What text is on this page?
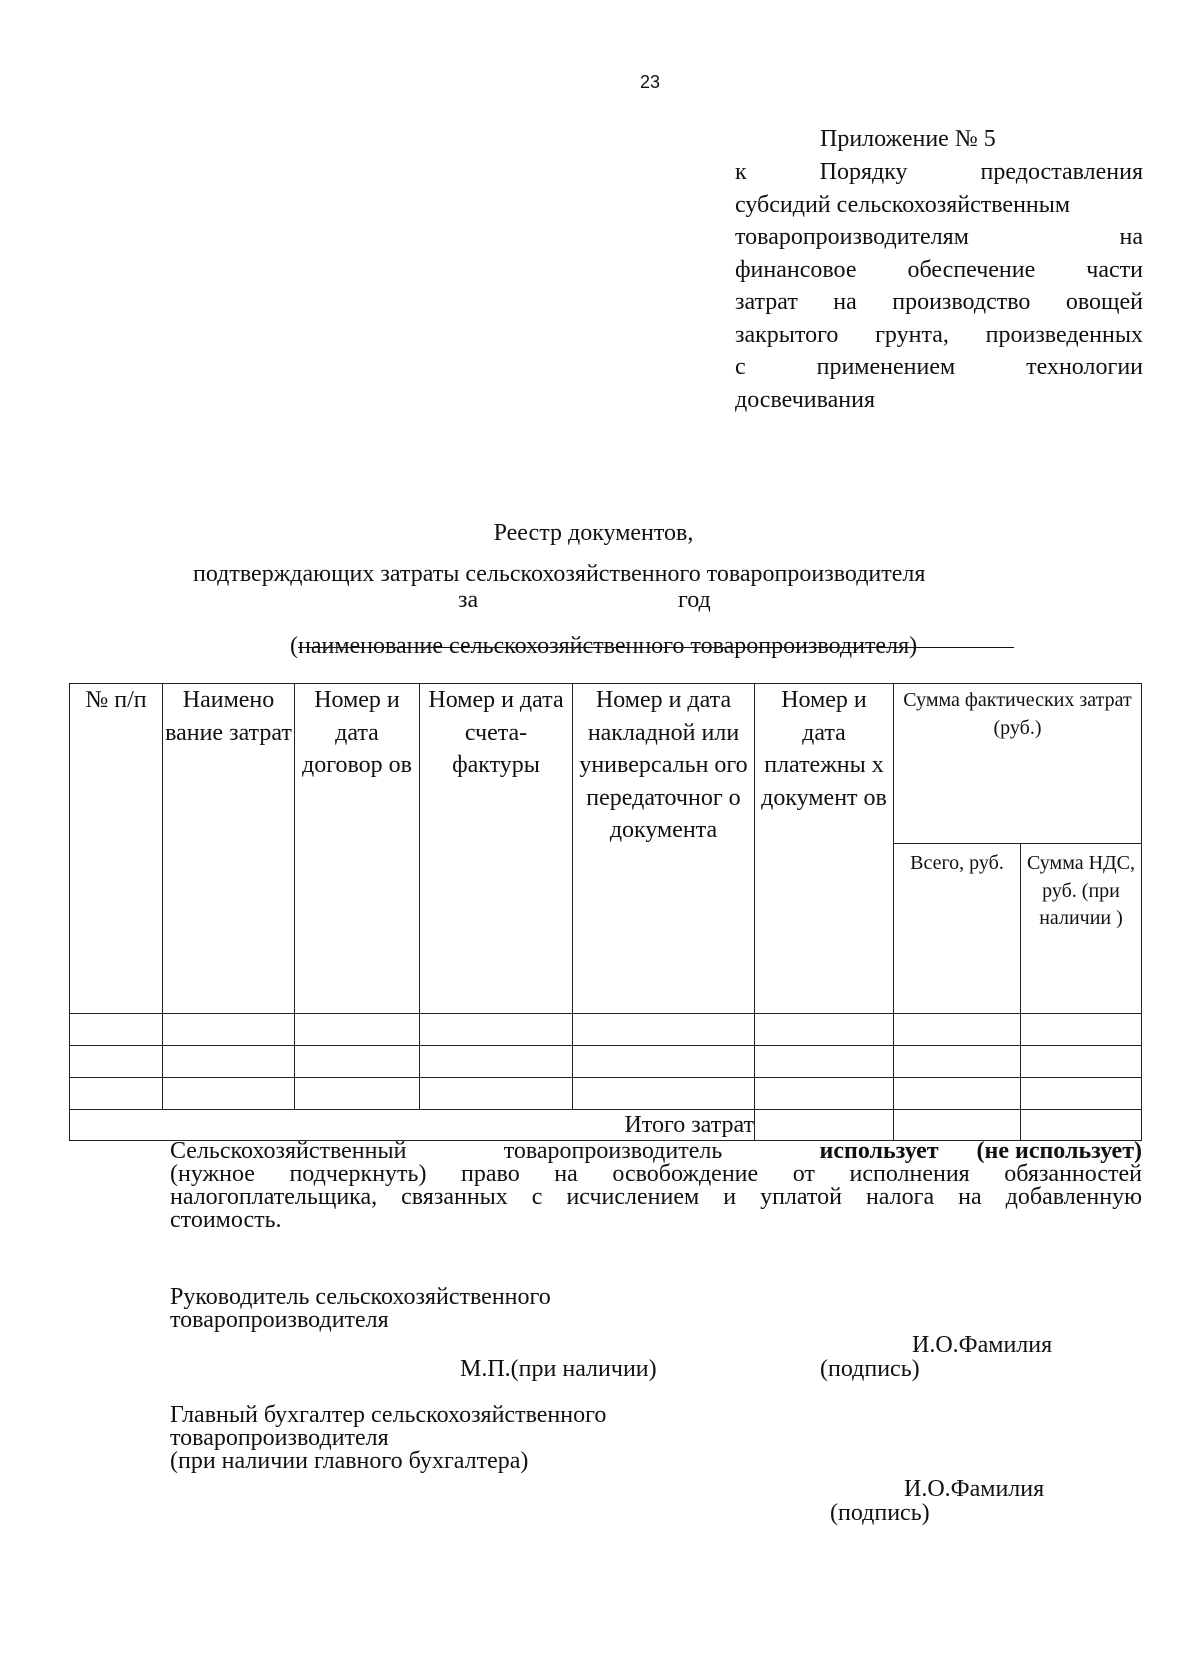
23
Приложение № 5
к Порядку предоставления
субсидий сельскохозяйственным
товаропроизводителям на
финансовое обеспечение части
затрат на производство овощей
закрытого грунта, произведенных
с применением технологии
досвечивания
Реестр документов,
подтверждающих затраты сельскохозяйственного товаропроизводителя
за	год
(наименование сельскохозяйственного товаропроизводителя)
№ п/п	Наимено вание затрат	Номер и дата договор ов	Номер и дата счета-фактуры	Номер и дата накладной или универсальн ого передаточног о документа	Номер и дата платежны х документ ов	Сумма фактических затрат (руб.)	
						Всего, руб.	Сумма НДС, руб. (при наличии )

Итого затрат							
Сельскохозяйственный	товаропроизводитель	использует (не использует)
(нужное подчеркнуть) право на освобождение от исполнения обязанностей
налогоплательщика, связанных с исчислением и уплатой налога на добавленную
стоимость.
Руководитель сельскохозяйственного
товаропроизводителя
И.О.Фамилия
М.П.(при наличии)	(подпись)
Главный бухгалтер сельскохозяйственного
товаропроизводителя
(при наличии главного бухгалтера)
И.О.Фамилия
(подпись)
